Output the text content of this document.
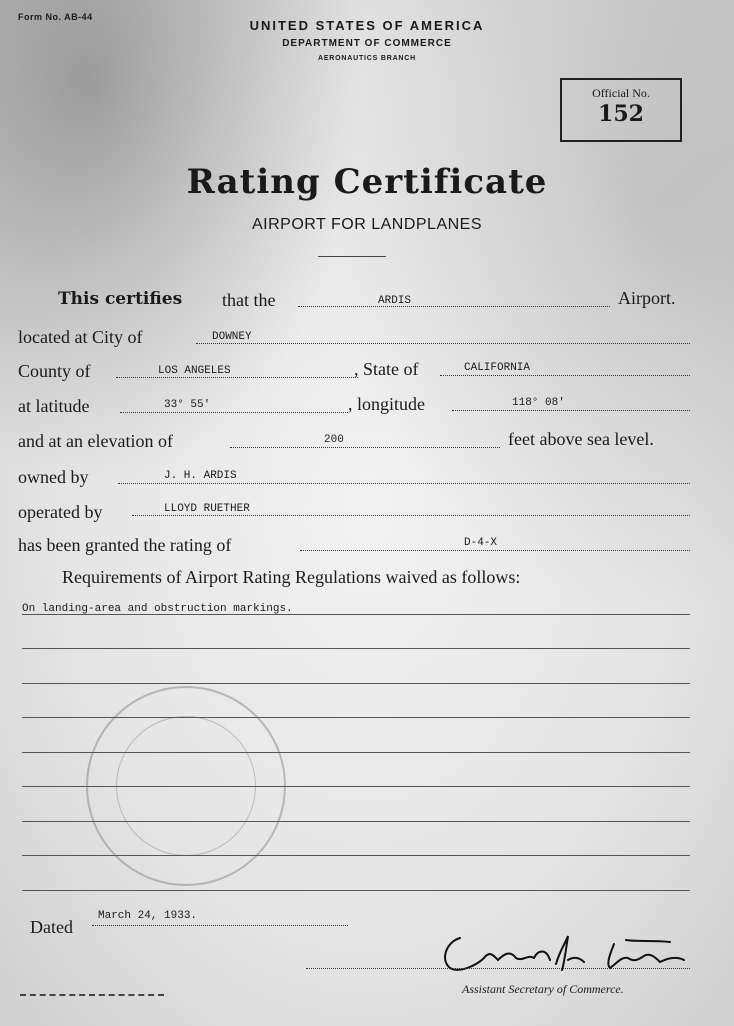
Form No. AB-44
UNITED STATES OF AMERICA
DEPARTMENT OF COMMERCE
AERONAUTICS BRANCH
Official No.
152
Rating Certificate
AIRPORT FOR LANDPLANES
This certifies that the	ARDIS	Airport.
located at City of	DOWNEY
County of	LOS ANGELES	, State of	CALIFORNIA
at latitude	33° 55'	, longitude	118° 08'
and at an elevation of	200	feet above sea level.
owned by	J. H. ARDIS
operated by	LLOYD RUETHER
has been granted the rating of	D-4-X
Requirements of Airport Rating Regulations waived as follows:
On landing-area and obstruction markings.
Dated
March 24, 1933.
Assistant Secretary of Commerce.
